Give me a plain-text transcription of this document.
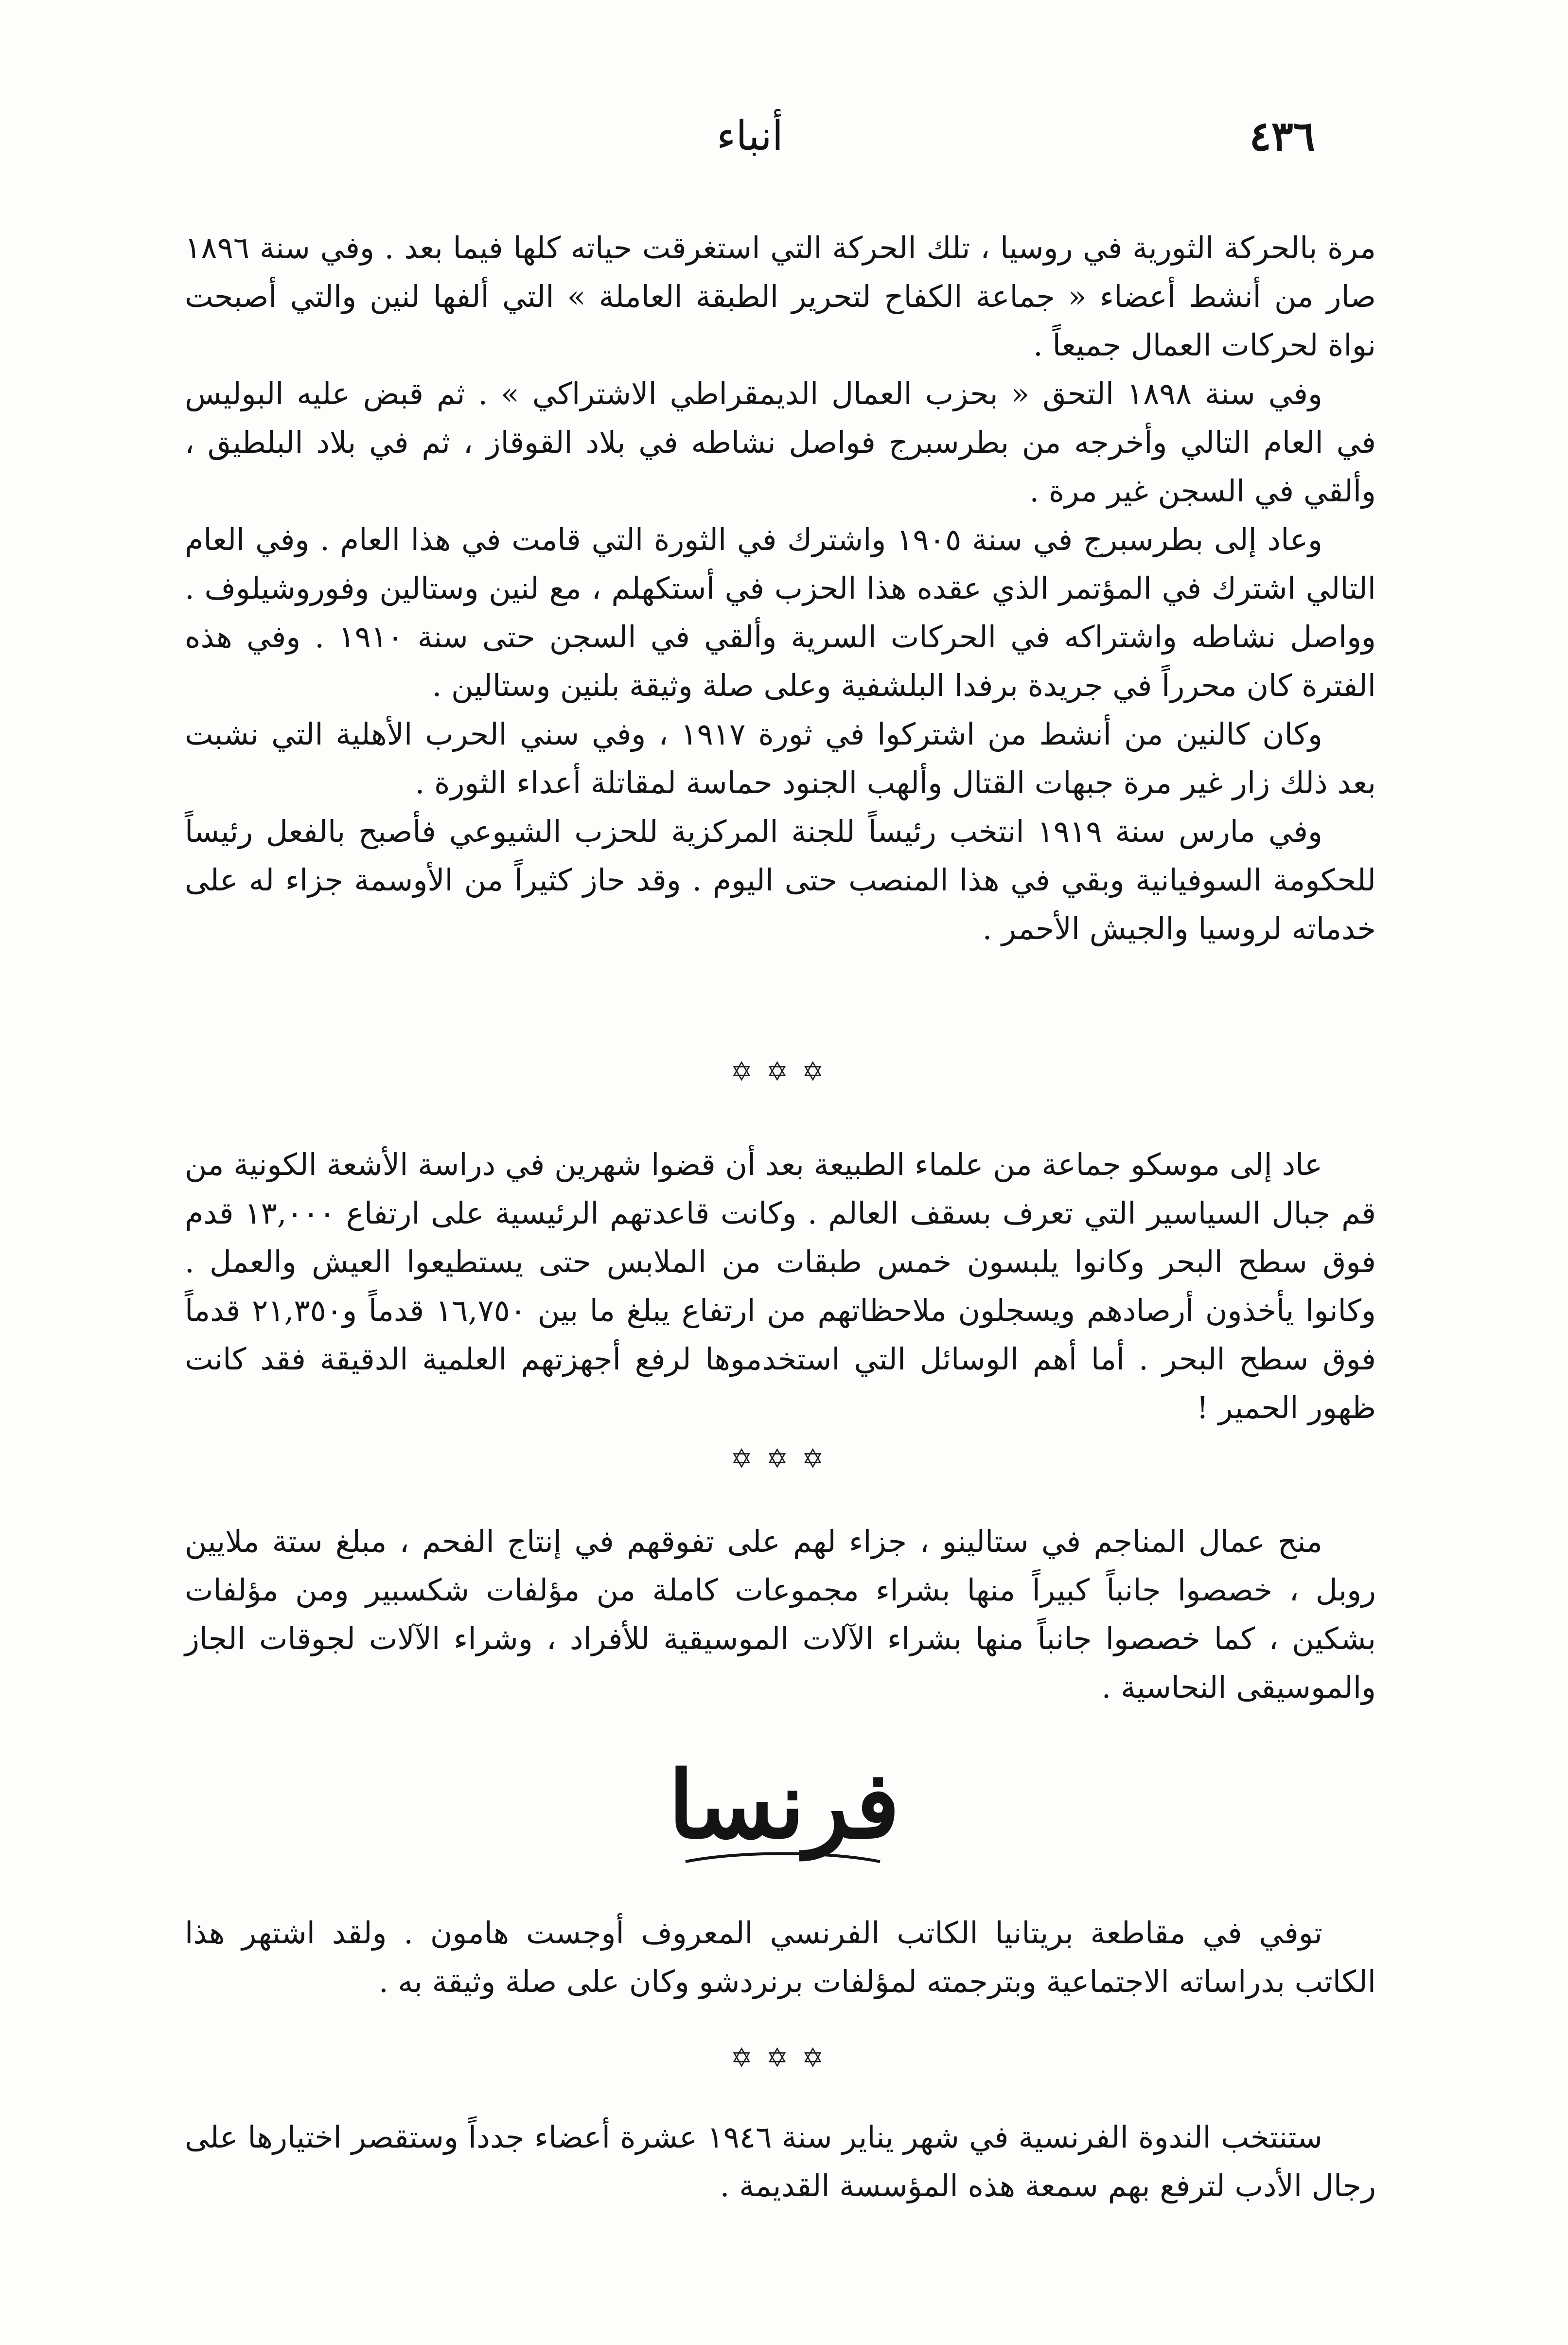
٤٣٦
أنباء

مرة بالحركة الثورية في روسيا ، تلك الحركة التي استغرقت حياته كلها فيما بعد . وفي سنة ١٨٩٦ صار من أنشط أعضاء « جماعة الكفاح لتحرير الطبقة العاملة » التي ألفها لنين والتي أصبحت نواة لحركات العمال جميعاً .

وفي سنة ١٨٩٨ التحق « بحزب العمال الديمقراطي الاشتراكي » . ثم قبض عليه البوليس في العام التالي وأخرجه من بطرسبرج فواصل نشاطه في بلاد القوقاز ، ثم في بلاد البلطيق ، وألقي في السجن غير مرة .

وعاد إلى بطرسبرج في سنة ١٩٠٥ واشترك في الثورة التي قامت في هذا العام . وفي العام التالي اشترك في المؤتمر الذي عقده هذا الحزب في أستكهلم ، مع لنين وستالين وفوروشيلوف . وواصل نشاطه واشتراكه في الحركات السرية وألقي في السجن حتى سنة ١٩١٠ . وفي هذه الفترة كان محرراً في جريدة برفدا البلشفية وعلى صلة وثيقة بلنين وستالين .

وكان كالنين من أنشط من اشتركوا في ثورة ١٩١٧ ، وفي سني الحرب الأهلية التي نشبت بعد ذلك زار غير مرة جبهات القتال وألهب الجنود حماسة لمقاتلة أعداء الثورة .

وفي مارس سنة ١٩١٩ انتخب رئيساً للجنة المركزية للحزب الشيوعي فأصبح بالفعل رئيساً للحكومة السوفيانية وبقي في هذا المنصب حتى اليوم . وقد حاز كثيراً من الأوسمة جزاء له على خدماته لروسيا والجيش الأحمر .

✡✡✡

عاد إلى موسكو جماعة من علماء الطبيعة بعد أن قضوا شهرين في دراسة الأشعة الكونية من قم جبال السياسير التي تعرف بسقف العالم . وكانت قاعدتهم الرئيسية على ارتفاع ١٣,٠٠٠ قدم فوق سطح البحر وكانوا يلبسون خمس طبقات من الملابس حتى يستطيعوا العيش والعمل . وكانوا يأخذون أرصادهم ويسجلون ملاحظاتهم من ارتفاع يبلغ ما بين ١٦,٧٥٠ قدماً و٢١,٣٥٠ قدماً فوق سطح البحر . أما أهم الوسائل التي استخدموها لرفع أجهزتهم العلمية الدقيقة فقد كانت ظهور الحمير !

✡✡✡

منح عمال المناجم في ستالينو ، جزاء لهم على تفوقهم في إنتاج الفحم ، مبلغ ستة ملايين روبل ، خصصوا جانباً كبيراً منها بشراء مجموعات كاملة من مؤلفات شكسبير ومن مؤلفات بشكين ، كما خصصوا جانباً منها بشراء الآلات الموسيقية للأفراد ، وشراء الآلات لجوقات الجاز والموسيقى النحاسية .

فرنسا

توفي في مقاطعة بريتانيا الكاتب الفرنسي المعروف أوجست هامون . ولقد اشتهر هذا الكاتب بدراساته الاجتماعية وبترجمته لمؤلفات برنردشو وكان على صلة وثيقة به .

✡✡✡

ستنتخب الندوة الفرنسية في شهر يناير سنة ١٩٤٦ عشرة أعضاء جدداً وستقصر اختيارها على رجال الأدب لترفع بهم سمعة هذه المؤسسة القديمة .
